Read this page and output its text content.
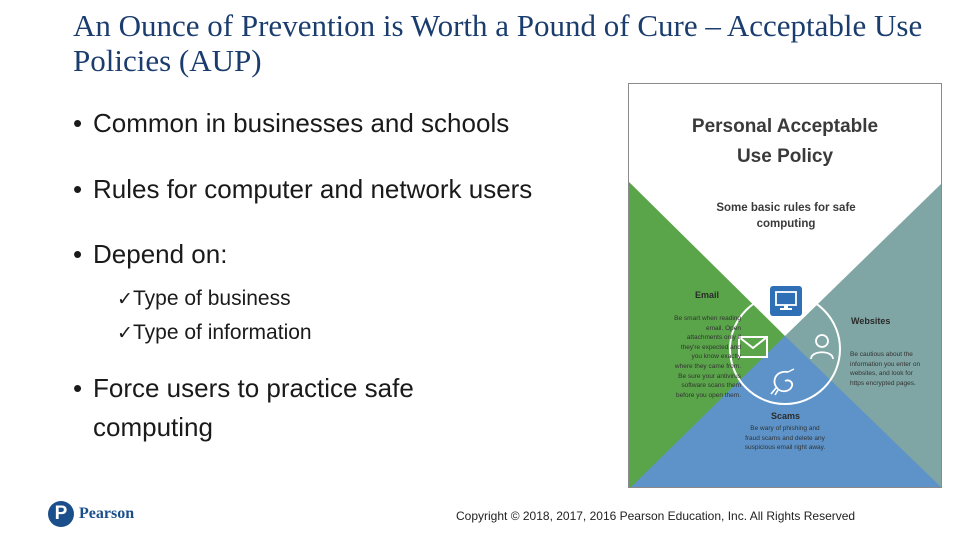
An Ounce of Prevention is Worth a Pound of Cure – Acceptable Use Policies (AUP)
• Common in businesses and schools
• Rules for computer and network users
• Depend on:
✓Type of business
✓Type of information
• Force users to practice safe
computing
Personal Acceptable
Use Policy
Some basic rules for safe
computing
Email
Be smart when reading
email. Open
attachments only if
they're expected and
you know exactly
where they came from.
Be sure your antivirus
software scans them
before you open them.
Websites
Be cautious about the
information you enter on
websites, and look for
https encrypted pages.
Scams
Be wary of phishing and
fraud scams and delete any
suspicious email right away.
P Pearson	Copyright © 2018, 2017, 2016 Pearson Education, Inc. All Rights Reserved
